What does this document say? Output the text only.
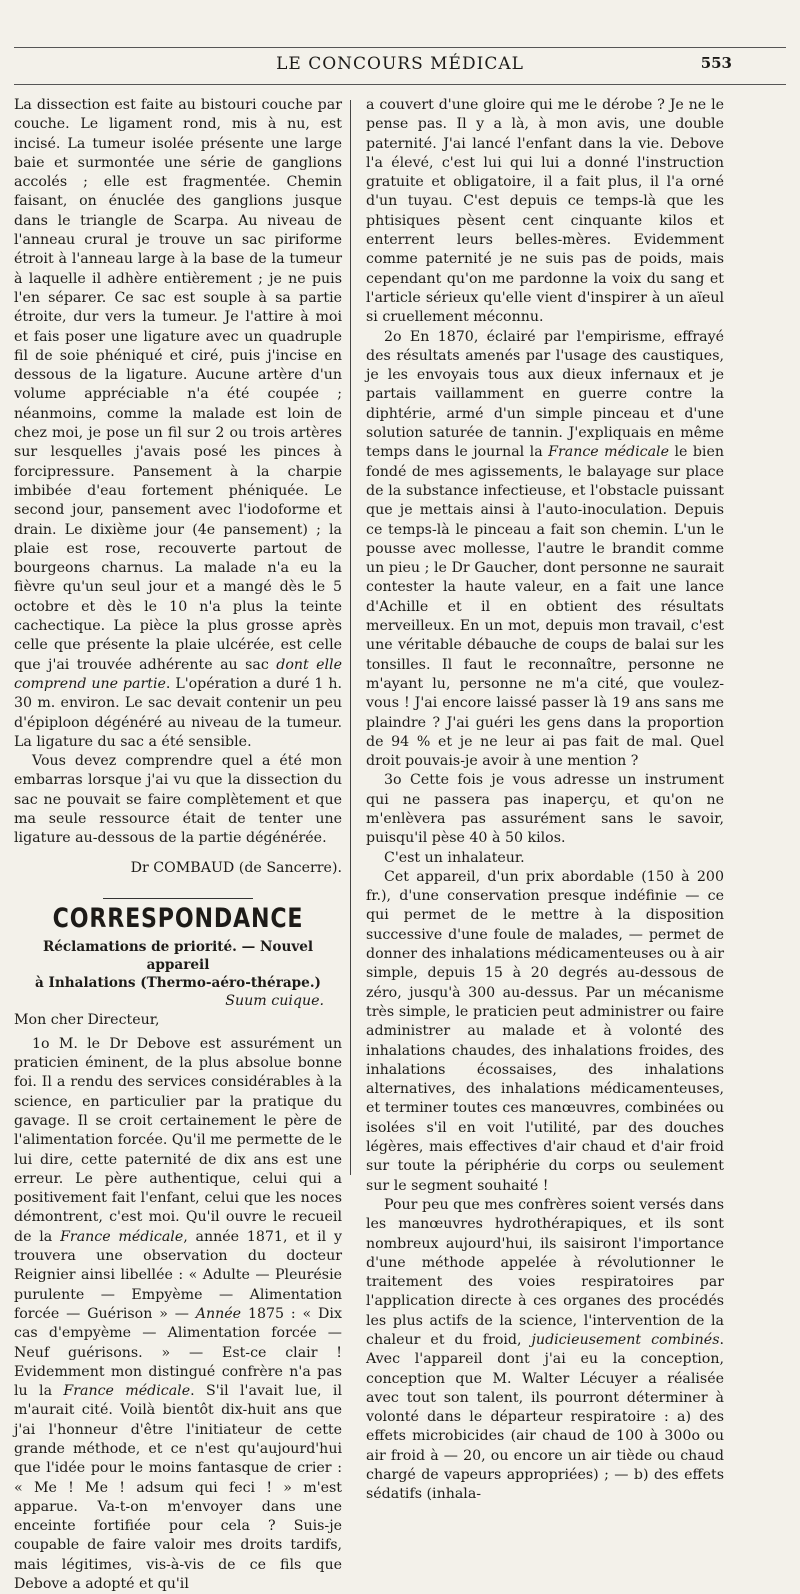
LE CONCOURS MÉDICAL	553

La dissection est faite au bistouri couche par couche. Le ligament rond, mis à nu, est incisé. La tumeur isolée présente une large baie et surmontée une série de ganglions accolés ; elle est fragmentée. Chemin faisant, on énuclée des ganglions jusque dans le triangle de Scarpa. Au niveau de l'anneau crural je trouve un sac piriforme étroit à l'anneau large à la base de la tumeur à laquelle il adhère entièrement ; je ne puis l'en séparer. Ce sac est souple à sa partie étroite, dur vers la tumeur. Je l'attire à moi et fais poser une ligature avec un quadruple fil de soie phéniqué et ciré, puis j'incise en dessous de la ligature. Aucune artère d'un volume appréciable n'a été coupée ; néanmoins, comme la malade est loin de chez moi, je pose un fil sur 2 ou trois artères sur lesquelles j'avais posé les pinces à forcipressure. Pansement à la charpie imbibée d'eau fortement phéniquée. Le second jour, pansement avec l'iodoforme et drain. Le dixième jour (4e pansement) ; la plaie est rose, recouverte partout de bourgeons charnus. La malade n'a eu la fièvre qu'un seul jour et a mangé dès le 5 octobre et dès le 10 n'a plus la teinte cachectique. La pièce la plus grosse après celle que présente la plaie ulcérée, est celle que j'ai trouvée adhérente au sac dont elle comprend une partie. L'opération a duré 1 h. 30 m. environ. Le sac devait contenir un peu d'épiploon dégénéré au niveau de la tumeur. La ligature du sac a été sensible.

Vous devez comprendre quel a été mon embarras lorsque j'ai vu que la dissection du sac ne pouvait se faire complètement et que ma seule ressource était de tenter une ligature au-dessous de la partie dégénérée.

Dr COMBAUD (de Sancerre).

CORRESPONDANCE

Réclamations de priorité. — Nouvel appareil

à Inhalations (Thermo-aéro-thérape.)

Suum cuique.

Mon cher Directeur,

1o M. le Dr Debove est assurément un praticien éminent, de la plus absolue bonne foi. Il a rendu des services considérables à la science, en particulier par la pratique du gavage. Il se croit certainement le père de l'alimentation forcée. Qu'il me permette de le lui dire, cette paternité de dix ans est une erreur. Le père authentique, celui qui a positivement fait l'enfant, celui que les noces démontrent, c'est moi. Qu'il ouvre le recueil de la France médicale, année 1871, et il y trouvera une observation du docteur Reignier ainsi libellée : « Adulte — Pleurésie purulente — Empyème — Alimentation forcée — Guérison » — Année 1875 : « Dix cas d'empyème — Alimentation forcée — Neuf guérisons. » — Est-ce clair ! Evidemment mon distingué confrère n'a pas lu la France médicale. S'il l'avait lue, il m'aurait cité. Voilà bientôt dix-huit ans que j'ai l'honneur d'être l'initiateur de cette grande méthode, et ce n'est qu'aujourd'hui que l'idée pour le moins fantasque de crier : « Me ! Me ! adsum qui feci ! » m'est apparue. Va-t-on m'envoyer dans une enceinte fortifiée pour cela ? Suis-je coupable de faire valoir mes droits tardifs, mais légitimes, vis-à-vis de ce fils que Debove a adopté et qu'il

a couvert d'une gloire qui me le dérobe ? Je ne le pense pas. Il y a là, à mon avis, une double paternité. J'ai lancé l'enfant dans la vie. Debove l'a élevé, c'est lui qui lui a donné l'instruction gratuite et obligatoire, il a fait plus, il l'a orné d'un tuyau. C'est depuis ce temps-là que les phtisiques pèsent cent cinquante kilos et enterrent leurs belles-mères. Evidemment comme paternité je ne suis pas de poids, mais cependant qu'on me pardonne la voix du sang et l'article sérieux qu'elle vient d'inspirer à un aïeul si cruellement méconnu.

2o En 1870, éclairé par l'empirisme, effrayé des résultats amenés par l'usage des caustiques, je les envoyais tous aux dieux infernaux et je partais vaillamment en guerre contre la diphtérie, armé d'un simple pinceau et d'une solution saturée de tannin. J'expliquais en même temps dans le journal la France médicale le bien fondé de mes agissements, le balayage sur place de la substance infectieuse, et l'obstacle puissant que je mettais ainsi à l'auto-inoculation. Depuis ce temps-là le pinceau a fait son chemin. L'un le pousse avec mollesse, l'autre le brandit comme un pieu ; le Dr Gaucher, dont personne ne saurait contester la haute valeur, en a fait une lance d'Achille et il en obtient des résultats merveilleux. En un mot, depuis mon travail, c'est une véritable débauche de coups de balai sur les tonsilles. Il faut le reconnaître, personne ne m'ayant lu, personne ne m'a cité, que voulez-vous ! J'ai encore laissé passer là 19 ans sans me plaindre ? J'ai guéri les gens dans la proportion de 94 % et je ne leur ai pas fait de mal. Quel droit pouvais-je avoir à une mention ?

3o Cette fois je vous adresse un instrument qui ne passera pas inaperçu, et qu'on ne m'enlèvera pas assurément sans le savoir, puisqu'il pèse 40 à 50 kilos.

C'est un inhalateur.

Cet appareil, d'un prix abordable (150 à 200 fr.), d'une conservation presque indéfinie — ce qui permet de le mettre à la disposition successive d'une foule de malades, — permet de donner des inhalations médicamenteuses ou à air simple, depuis 15 à 20 degrés au-dessous de zéro, jusqu'à 300 au-dessus. Par un mécanisme très simple, le praticien peut administrer ou faire administrer au malade et à volonté des inhalations chaudes, des inhalations froides, des inhalations écossaises, des inhalations alternatives, des inhalations médicamenteuses, et terminer toutes ces manœuvres, combinées ou isolées s'il en voit l'utilité, par des douches légères, mais effectives d'air chaud et d'air froid sur toute la périphérie du corps ou seulement sur le segment souhaité !

Pour peu que mes confrères soient versés dans les manœuvres hydrothérapiques, et ils sont nombreux aujourd'hui, ils saisiront l'importance d'une méthode appelée à révolutionner le traitement des voies respiratoires par l'application directe à ces organes des procédés les plus actifs de la science, l'intervention de la chaleur et du froid, judicieusement combinés. Avec l'appareil dont j'ai eu la conception, conception que M. Walter Lécuyer a réalisée avec tout son talent, ils pourront déterminer à volonté dans le départeur respiratoire : a) des effets microbicides (air chaud de 100 à 300o ou air froid à — 20, ou encore un air tiède ou chaud chargé de vapeurs appropriées) ; — b) des effets sédatifs (inhala-
